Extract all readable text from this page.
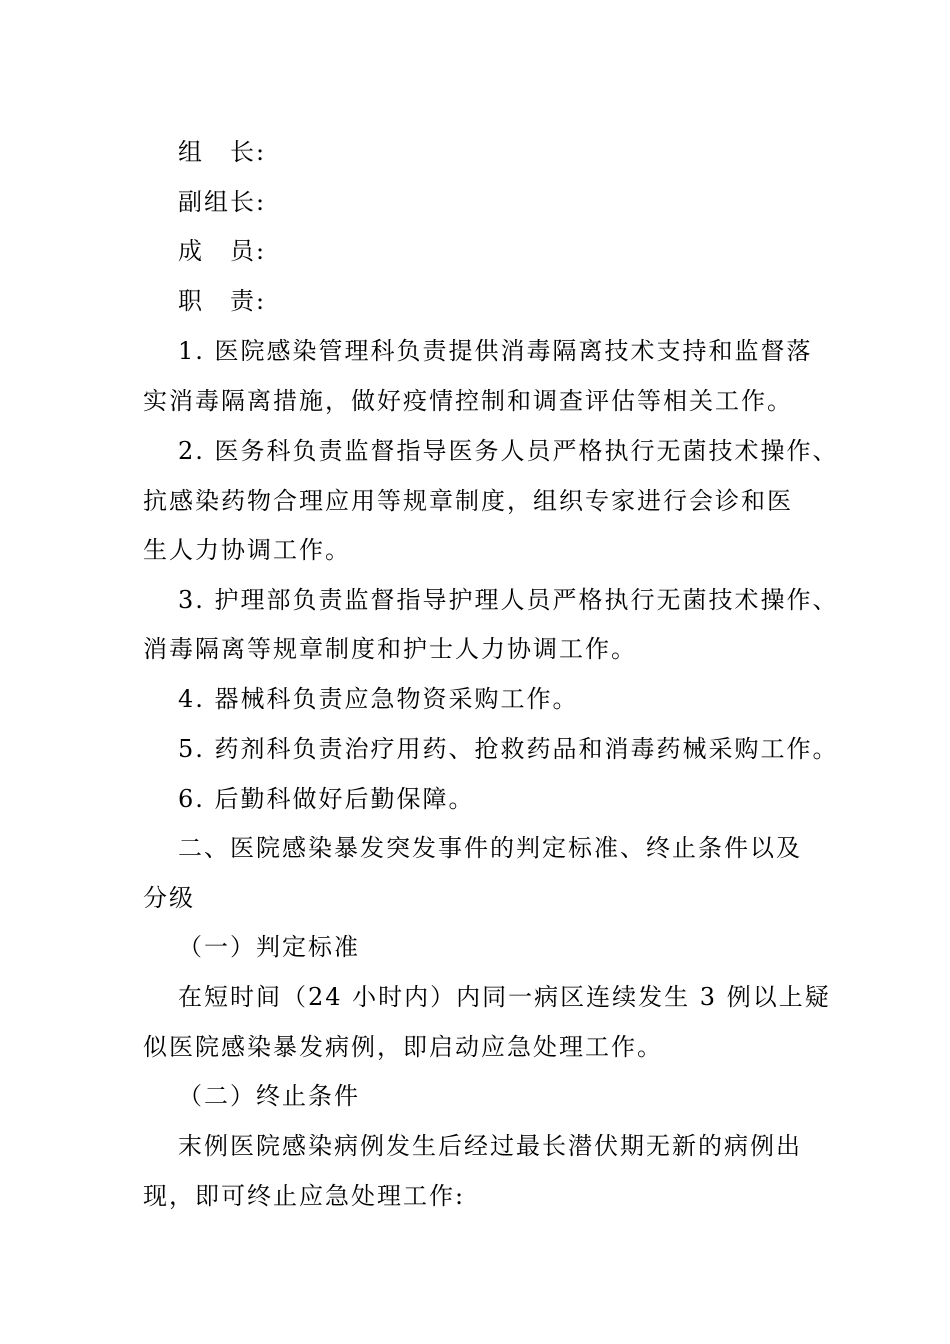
组　长:
副组长:
成　员:
职　责:
1. 医院感染管理科负责提供消毒隔离技术支持和监督落
实消毒隔离措施，做好疫情控制和调查评估等相关工作。
2. 医务科负责监督指导医务人员严格执行无菌技术操作、
抗感染药物合理应用等规章制度，组织专家进行会诊和医
生人力协调工作。
3. 护理部负责监督指导护理人员严格执行无菌技术操作、
消毒隔离等规章制度和护士人力协调工作。
4. 器械科负责应急物资采购工作。
5. 药剂科负责治疗用药、抢救药品和消毒药械采购工作。
6. 后勤科做好后勤保障。
二、医院感染暴发突发事件的判定标准、终止条件以及
分级
（一）判定标准
在短时间（24 小时内）内同一病区连续发生 3 例以上疑
似医院感染暴发病例，即启动应急处理工作。
（二）终止条件
末例医院感染病例发生后经过最长潜伏期无新的病例出
现，即可终止应急处理工作:
